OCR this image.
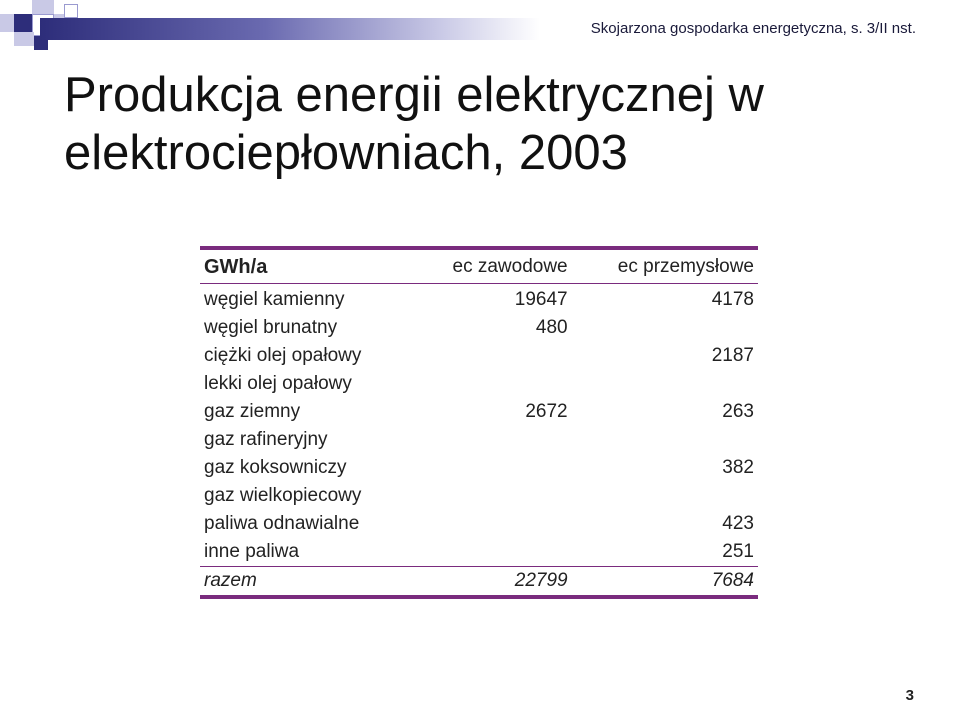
Skojarzona gospodarka energetyczna, s. 3/II nst.
Produkcja energii elektrycznej w
elektrociepłowniach, 2003
GWh/a	ec zawodowe	ec przemysłowe
węgiel kamienny	19647	4178
węgiel brunatny	480	
ciężki olej opałowy		2187
lekki olej opałowy		
gaz ziemny	2672	263
gaz rafineryjny		
gaz koksowniczy		382
gaz wielkopiecowy		
paliwa odnawialne		423
inne paliwa		251
razem	22799	7684
3
